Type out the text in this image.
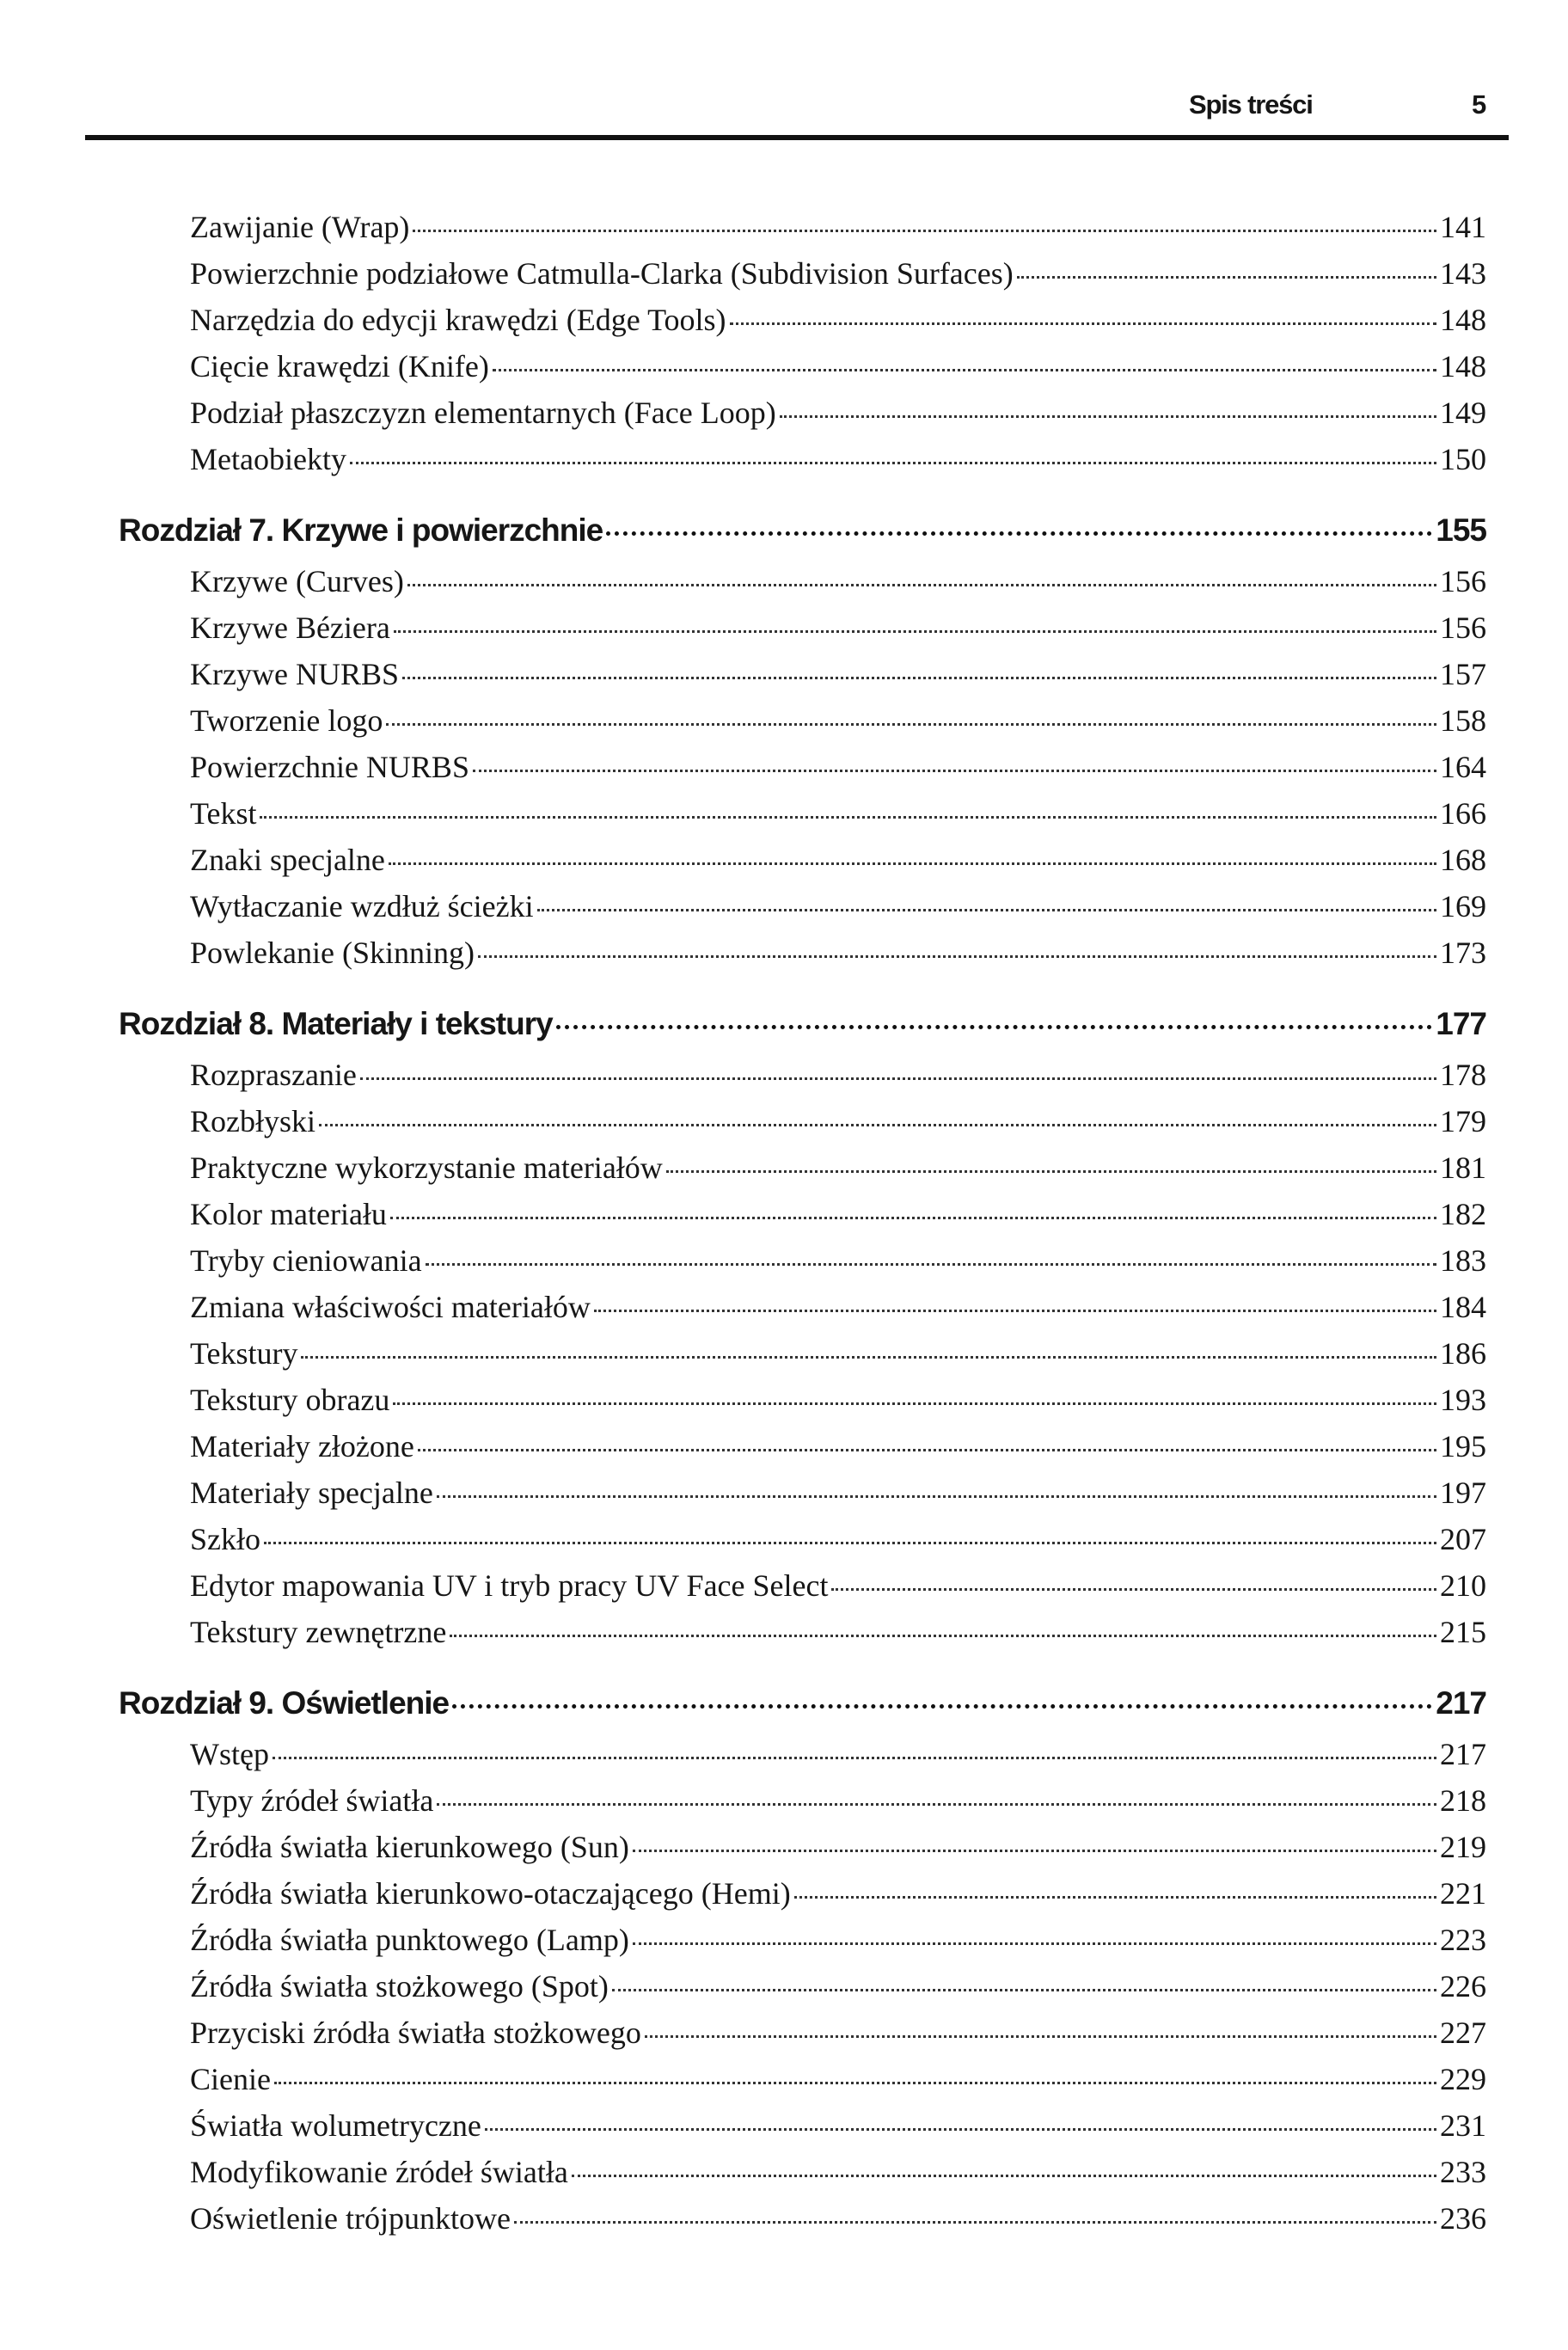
Spis treści	5
Zawijanie (Wrap)	141
Powierzchnie podziałowe Catmulla-Clarka (Subdivision Surfaces)	143
Narzędzia do edycji krawędzi (Edge Tools)	148
Cięcie krawędzi (Knife)	148
Podział płaszczyzn elementarnych (Face Loop)	149
Metaobiekty	150
Rozdział 7. Krzywe i powierzchnie	155
Krzywe (Curves)	156
Krzywe Béziera	156
Krzywe NURBS	157
Tworzenie logo	158
Powierzchnie NURBS	164
Tekst	166
Znaki specjalne	168
Wytłaczanie wzdłuż ścieżki	169
Powlekanie (Skinning)	173
Rozdział 8. Materiały i tekstury	177
Rozpraszanie	178
Rozbłyski	179
Praktyczne wykorzystanie materiałów	181
Kolor materiału	182
Tryby cieniowania	183
Zmiana właściwości materiałów	184
Tekstury	186
Tekstury obrazu	193
Materiały złożone	195
Materiały specjalne	197
Szkło	207
Edytor mapowania UV i tryb pracy UV Face Select	210
Tekstury zewnętrzne	215
Rozdział 9. Oświetlenie	217
Wstęp	217
Typy źródeł światła	218
Źródła światła kierunkowego (Sun)	219
Źródła światła kierunkowo-otaczającego (Hemi)	221
Źródła światła punktowego (Lamp)	223
Źródła światła stożkowego (Spot)	226
Przyciski źródła światła stożkowego	227
Cienie	229
Światła wolumetryczne	231
Modyfikowanie źródeł światła	233
Oświetlenie trójpunktowe	236
